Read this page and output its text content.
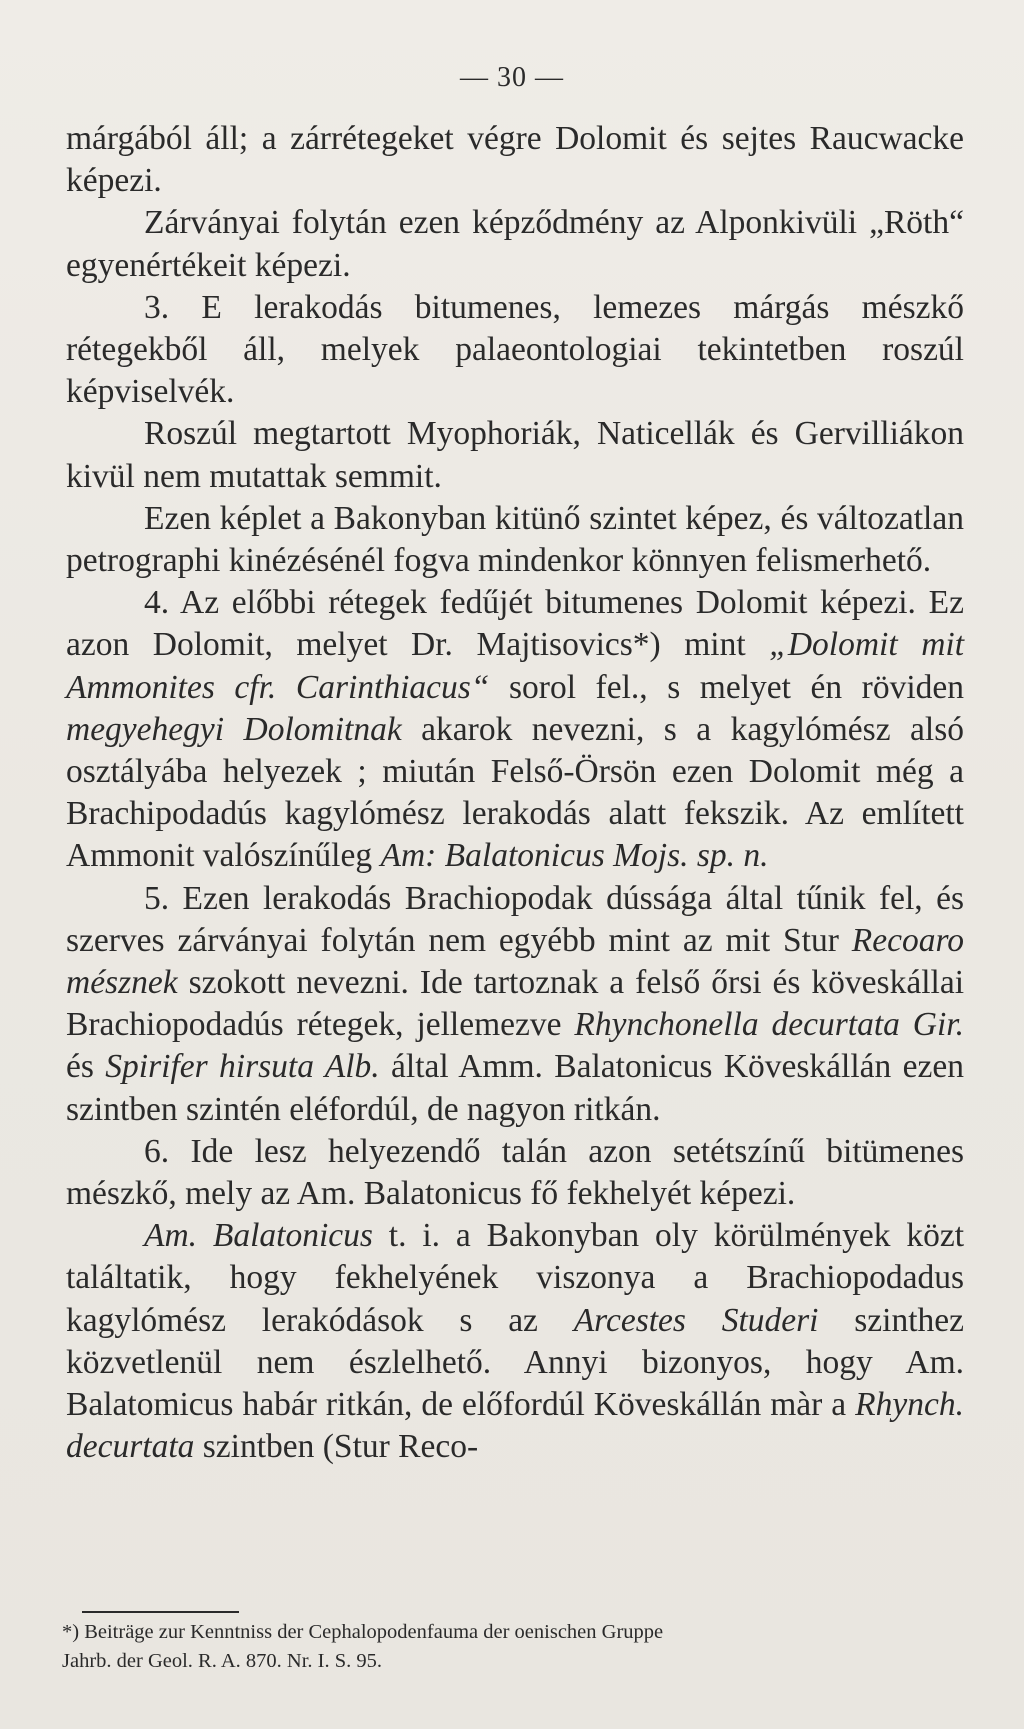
— 30 —

márgából áll; a zárrétegeket végre Dolomit és sejtes Raucwacke képezi.

Zárványai folytán ezen képződmény az Alponkivüli „Röth“ egyenértékeit képezi.

3. E lerakodás bitumenes, lemezes márgás mészkő rétegekből áll, melyek palaeontologiai tekintetben roszúl képviselvék.

Roszúl megtartott Myophoriák, Naticellák és Gervilliákon kivül nem mutattak semmit.

Ezen képlet a Bakonyban kitünő szintet képez, és változatlan petrographi kinézésénél fogva mindenkor könnyen felismerhető.

4. Az előbbi rétegek fedűjét bitumenes Dolomit képezi. Ez azon Dolomit, melyet Dr. Majtisovics*) mint „Dolomit mit Ammonites cfr. Carinthiacus“ sorol fel., s melyet én röviden megyehegyi Dolomitnak akarok nevezni, s a kagylómész alsó osztályába helyezek ; miután Felső-Örsön ezen Dolomit még a Brachipodadús kagylómész lerakodás alatt fekszik. Az említett Ammonit valószínűleg Am: Balatonicus Mojs. sp. n.

5. Ezen lerakodás Brachiopodak dússága által tűnik fel, és szerves zárványai folytán nem egyébb mint az mit Stur Recoaro mésznek szokott nevezni. Ide tartoznak a felső őrsi és köveskállai Brachiopodadús rétegek, jellemezve Rhynchonella decurtata Gir. és Spirifer hirsuta Alb. által Amm. Balatonicus Köveskállán ezen szintben szintén eléfordúl, de nagyon ritkán.

6. Ide lesz helyezendő talán azon setétszínű bitümenes mészkő, mely az Am. Balatonicus fő fekhelyét képezi.

Am. Balatonicus t. i. a Bakonyban oly körülmények közt találtatik, hogy fekhelyének viszonya a Brachiopodadus kagylómész lerakódások s az Arcestes Studeri szinthez közvetlenül nem észlelhető. Annyi bizonyos, hogy Am. Balatomicus habár ritkán, de előfordúl Köveskállán màr a Rhynch. decurtata szintben (Stur Reco-

*) Beiträge zur Kenntniss der Cephalopodenfauma der oenischen Gruppe
Jahrb. der Geol. R. A. 870. Nr. I. S. 95.
